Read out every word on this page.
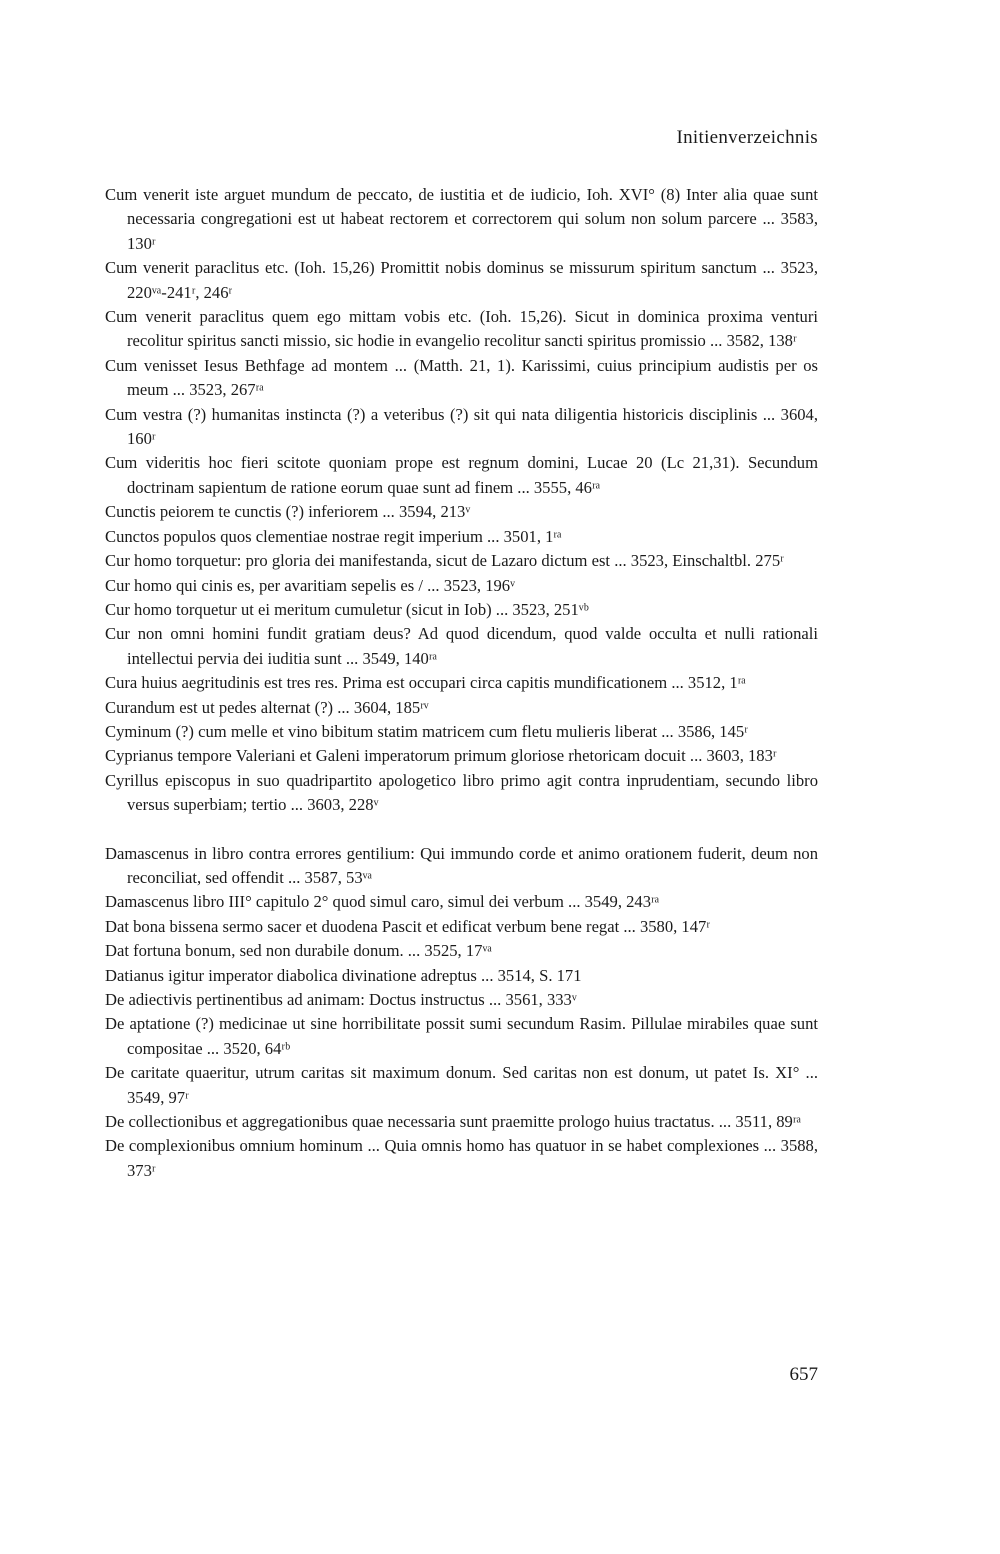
Initienverzeichnis

Cum venerit iste arguet mundum de peccato, de iustitia et de iudicio, Ioh. XVI° (8) Inter alia quae sunt necessaria congregationi est ut habeat rectorem et correctorem qui solum non solum parcere ... 3583, 130ʳ

Cum venerit paraclitus etc. (Ioh. 15,26) Promittit nobis dominus se missurum spiritum sanctum ... 3523, 220ᵛᵃ-241ʳ, 246ʳ

Cum venerit paraclitus quem ego mittam vobis etc. (Ioh. 15,26). Sicut in dominica proxima venturi recolitur spiritus sancti missio, sic hodie in evangelio recolitur sancti spiritus promissio ... 3582, 138ʳ

Cum venisset Iesus Bethfage ad montem ... (Matth. 21, 1). Karissimi, cuius principium audistis per os meum ... 3523, 267ʳᵃ

Cum vestra (?) humanitas instincta (?) a veteribus (?) sit qui nata diligentia historicis disciplinis ... 3604, 160ʳ

Cum videritis hoc fieri scitote quoniam prope est regnum domini, Lucae 20 (Lc 21,31). Secundum doctrinam sapientum de ratione eorum quae sunt ad finem ... 3555, 46ʳᵃ

Cunctis peiorem te cunctis (?) inferiorem ... 3594, 213ᵛ

Cunctos populos quos clementiae nostrae regit imperium ... 3501, 1ʳᵃ

Cur homo torquetur: pro gloria dei manifestanda, sicut de Lazaro dictum est ... 3523, Einschaltbl. 275ʳ

Cur homo qui cinis es, per avaritiam sepelis es / ... 3523, 196ᵛ

Cur homo torquetur ut ei meritum cumuletur (sicut in Iob) ... 3523, 251ᵛᵇ

Cur non omni homini fundit gratiam deus? Ad quod dicendum, quod valde occulta et nulli rationali intellectui pervia dei iuditia sunt ... 3549, 140ʳᵃ

Cura huius aegritudinis est tres res. Prima est occupari circa capitis mundificationem ... 3512, 1ʳᵃ

Curandum est ut pedes alternat (?) ... 3604, 185ʳᵛ

Cyminum (?) cum melle et vino bibitum statim matricem cum fletu mulieris liberat ... 3586, 145ʳ

Cyprianus tempore Valeriani et Galeni imperatorum primum gloriose rhetoricam docuit ... 3603, 183ʳ

Cyrillus episcopus in suo quadripartito apologetico libro primo agit contra inprudentiam, secundo libro versus superbiam; tertio ... 3603, 228ᵛ

Damascenus in libro contra errores gentilium: Qui immundo corde et animo orationem fuderit, deum non reconciliat, sed offendit ... 3587, 53ᵛᵃ

Damascenus libro III° capitulo 2° quod simul caro, simul dei verbum ... 3549, 243ʳᵃ

Dat bona bissena sermo sacer et duodena Pascit et edificat verbum bene regat ... 3580, 147ʳ

Dat fortuna bonum, sed non durabile donum. ... 3525, 17ᵛᵃ

Datianus igitur imperator diabolica divinatione adreptus ... 3514, S. 171

De adiectivis pertinentibus ad animam: Doctus instructus ... 3561, 333ᵛ

De aptatione (?) medicinae ut sine horribilitate possit sumi secundum Rasim. Pillulae mirabiles quae sunt compositae ... 3520, 64ʳᵇ

De caritate quaeritur, utrum caritas sit maximum donum. Sed caritas non est donum, ut patet Is. XI° ... 3549, 97ʳ

De collectionibus et aggregationibus quae necessaria sunt praemitte prologo huius tractatus. ... 3511, 89ʳᵃ

De complexionibus omnium hominum ... Quia omnis homo has quatuor in se habet complexiones ... 3588, 373ʳ

657
